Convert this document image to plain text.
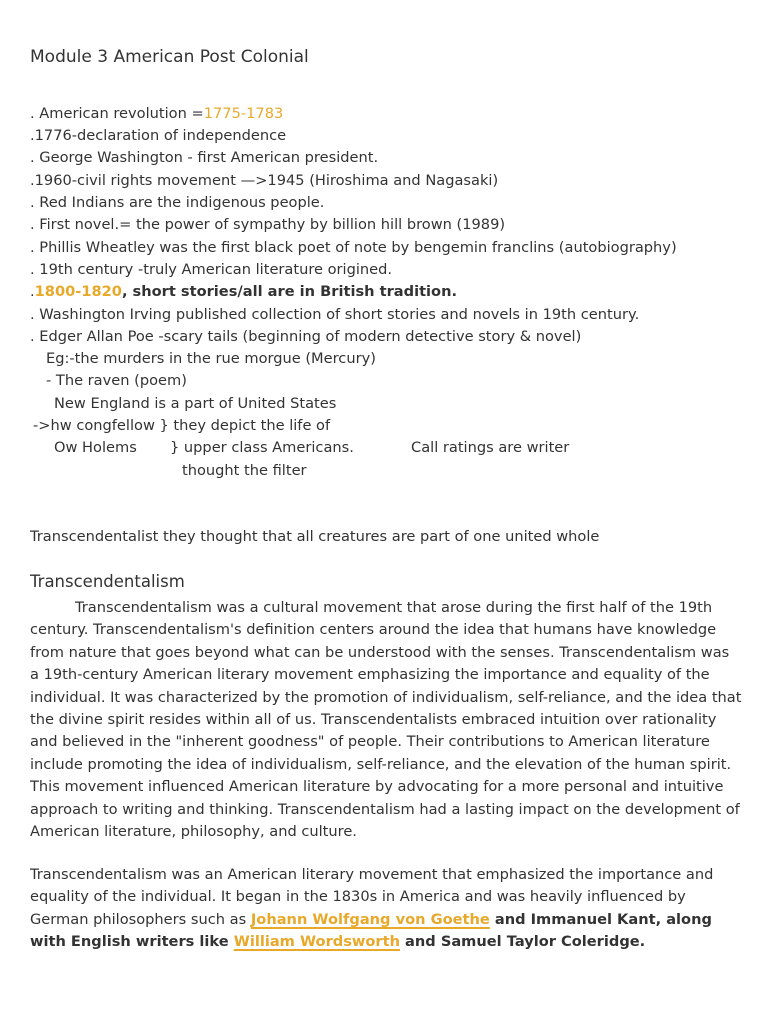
Module 3 American Post Colonial
. American revolution =1775-1783
.1776-declaration of independence
. George Washington - first American president.
.1960-civil rights movement —>1945 (Hiroshima and Nagasaki)
. Red Indians are the indigenous people.
. First novel.= the power of sympathy by billion hill brown (1989)
. Phillis Wheatley was the first black poet of note by bengemin franclins (autobiography)
. 19th century -truly American literature origined.
.1800-1820, short stories/all are in British tradition.
. Washington Irving published collection of short stories and novels in 19th century.
. Edger Allan Poe -scary tails (beginning of modern detective story & novel)
Eg:-the murders in the rue morgue (Mercury)
- The raven (poem)
New England is a part of United States
->hw congfellow } they depict the life of
Ow Holems } upper class Americans.	Call ratings are writer
thought the filter
Transcendentalist they thought that all creatures are part of one united whole
Transcendentalism
Transcendentalism was a cultural movement that arose during the first half of the 19th century. Transcendentalism's definition centers around the idea that humans have knowledge from nature that goes beyond what can be understood with the senses. Transcendentalism was a 19th-century American literary movement emphasizing the importance and equality of the individual. It was characterized by the promotion of individualism, self-reliance, and the idea that the divine spirit resides within all of us. Transcendentalists embraced intuition over rationality and believed in the "inherent goodness" of people. Their contributions to American literature include promoting the idea of individualism, self-reliance, and the elevation of the human spirit. This movement influenced American literature by advocating for a more personal and intuitive approach to writing and thinking. Transcendentalism had a lasting impact on the development of American literature, philosophy, and culture.
Transcendentalism was an American literary movement that emphasized the importance and equality of the individual. It began in the 1830s in America and was heavily influenced by German philosophers such as Johann Wolfgang von Goethe and Immanuel Kant, along with English writers like William Wordsworth and Samuel Taylor Coleridge.
